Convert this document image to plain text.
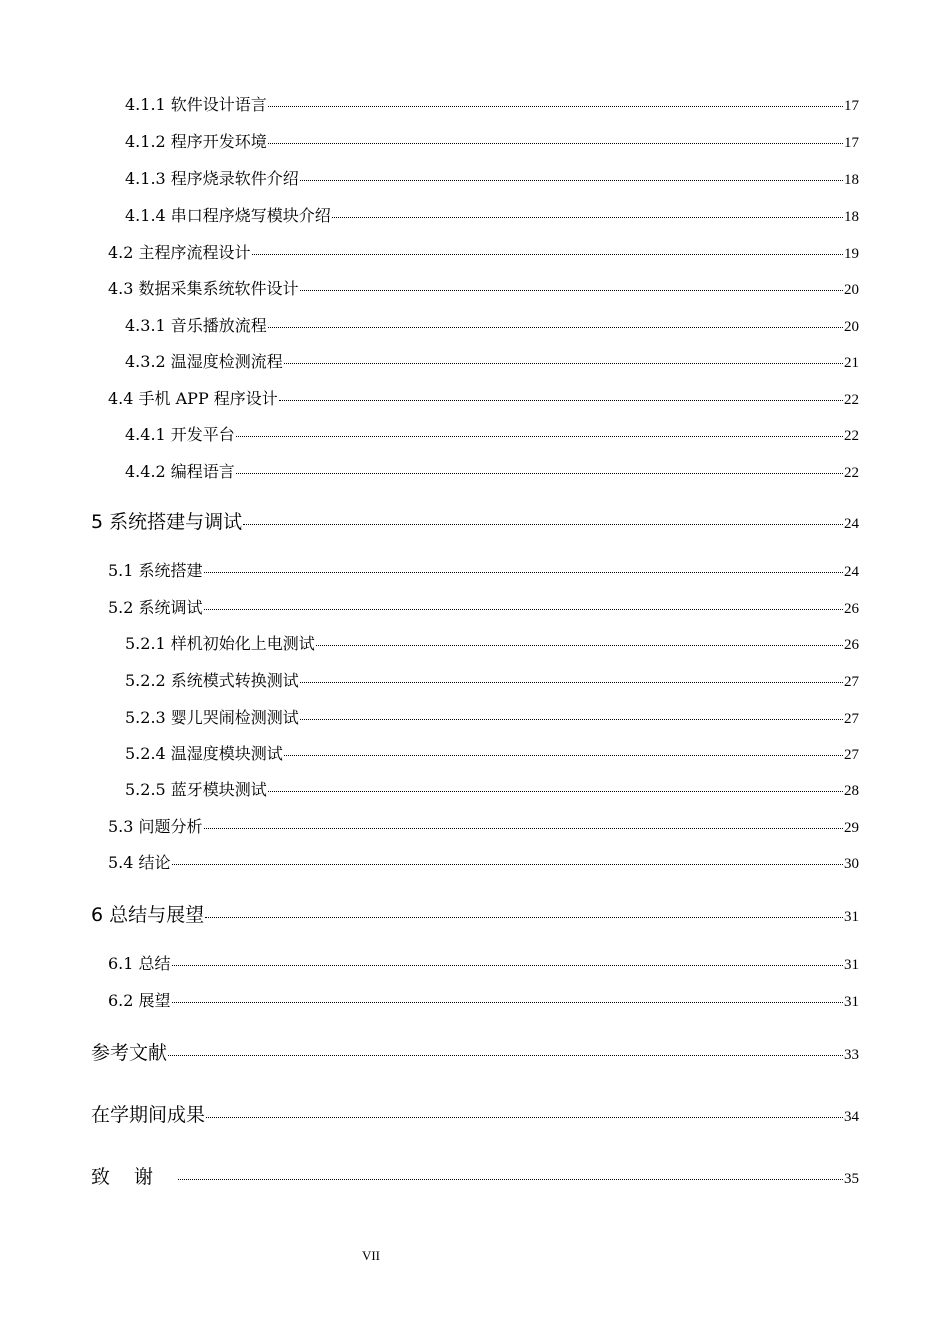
4.1.1 软件设计语言	17
4.1.2 程序开发环境	17
4.1.3 程序烧录软件介绍	18
4.1.4 串口程序烧写模块介绍	18
4.2 主程序流程设计	19
4.3 数据采集系统软件设计	20
4.3.1 音乐播放流程	20
4.3.2 温湿度检测流程	21
4.4 手机 APP 程序设计	22
4.4.1 开发平台	22
4.4.2 编程语言	22
5 系统搭建与调试	24
5.1 系统搭建	24
5.2 系统调试	26
5.2.1 样机初始化上电测试	26
5.2.2 系统模式转换测试	27
5.2.3 婴儿哭闹检测测试	27
5.2.4 温湿度模块测试	27
5.2.5 蓝牙模块测试	28
5.3 问题分析	29
5.4 结论	30
6 总结与展望	31
6.1 总结	31
6.2 展望	31
参考文献	33
在学期间成果	34
致谢	35
VII
